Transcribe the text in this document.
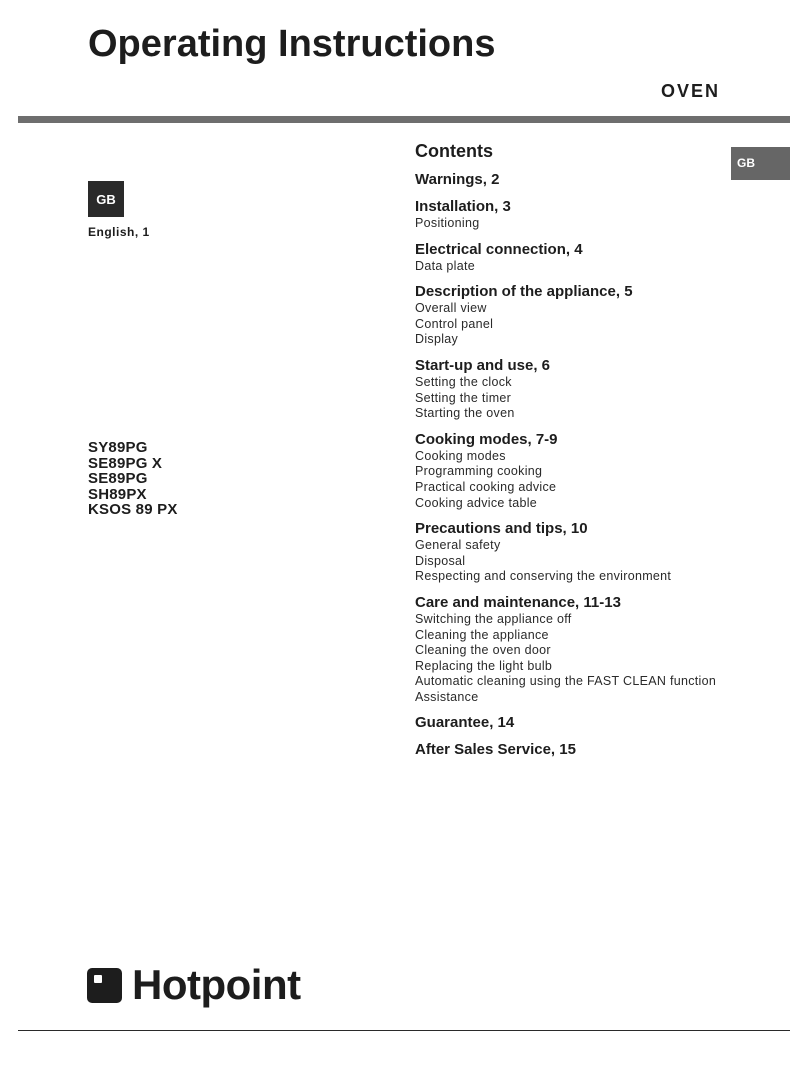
Operating Instructions
OVEN
GB
English, 1
GB
SY89PG
SE89PG X
SE89PG
SH89PX
KSOS 89 PX
Contents
Warnings, 2
Installation, 3
Positioning
Electrical connection, 4
Data plate
Description of the appliance, 5
Overall view
Control panel
Display
Start-up and use, 6
Setting the clock
Setting the timer
Starting the oven
Cooking modes, 7-9
Cooking modes
Programming cooking
Practical cooking advice
Cooking advice table
Precautions and tips, 10
General safety
Disposal
Respecting and conserving the environment
Care and maintenance, 11-13
Switching the appliance off
Cleaning the appliance
Cleaning the oven door
Replacing the light bulb
Automatic cleaning using the FAST CLEAN function
Assistance
Guarantee, 14
After Sales Service, 15
Hotpoint
